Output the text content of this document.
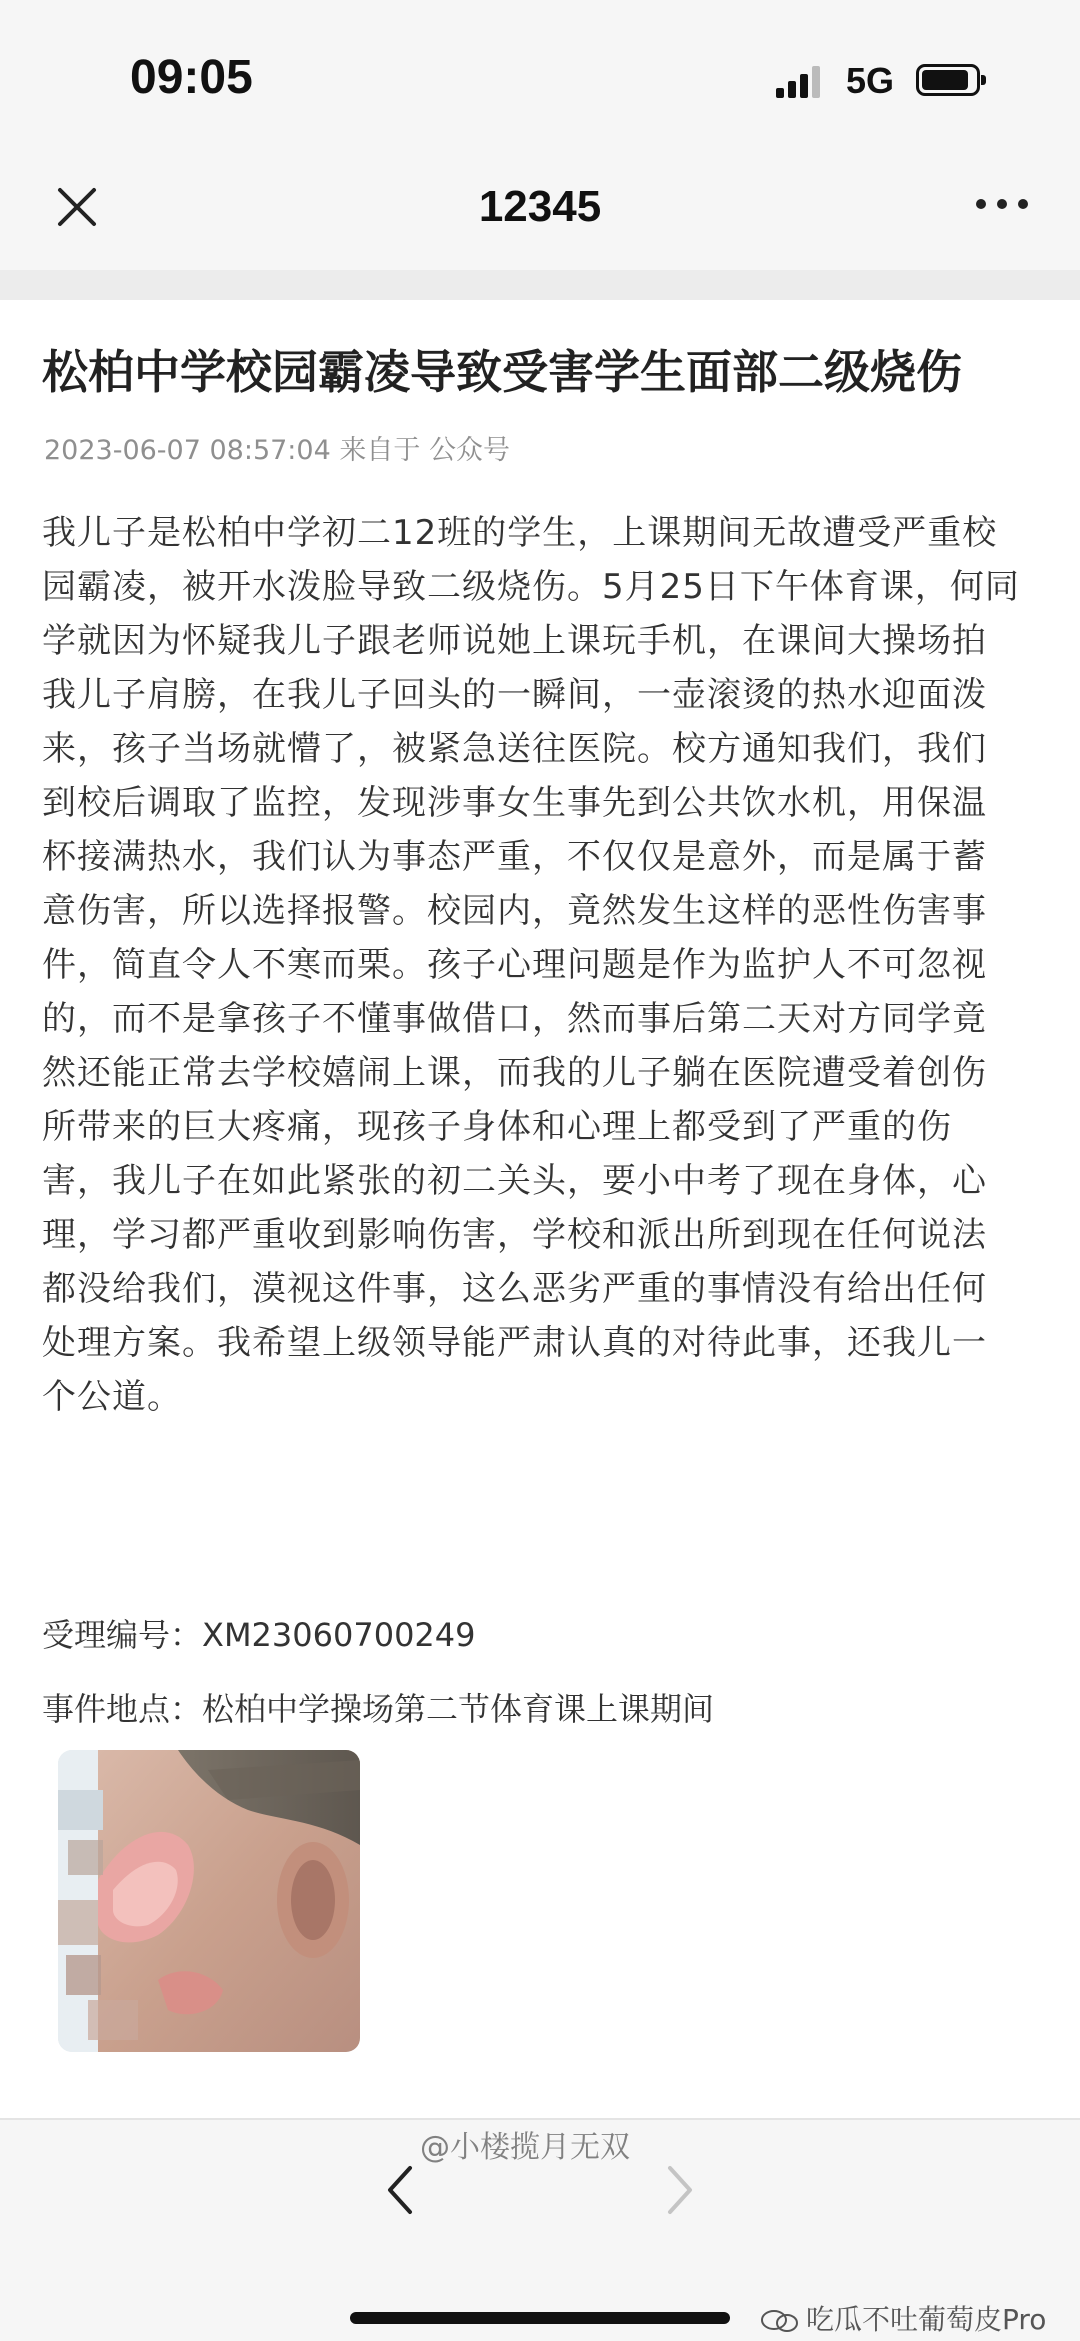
09:05	5G
12345
松柏中学校园霸凌导致受害学生面部二级烧伤
2023-06-07 08:57:04 来自于 公众号
我儿子是松柏中学初二12班的学生，上课期间无故遭受严重校
园霸凌，被开水泼脸导致二级烧伤。5月25日下午体育课，何同
学就因为怀疑我儿子跟老师说她上课玩手机，在课间大操场拍
我儿子肩膀，在我儿子回头的一瞬间，一壶滚烫的热水迎面泼
来，孩子当场就懵了，被紧急送往医院。校方通知我们，我们
到校后调取了监控，发现涉事女生事先到公共饮水机，用保温
杯接满热水，我们认为事态严重，不仅仅是意外，而是属于蓄
意伤害，所以选择报警。校园内，竟然发生这样的恶性伤害事
件，简直令人不寒而栗。孩子心理问题是作为监护人不可忽视
的，而不是拿孩子不懂事做借口，然而事后第二天对方同学竟
然还能正常去学校嬉闹上课，而我的儿子躺在医院遭受着创伤
所带来的巨大疼痛，现孩子身体和心理上都受到了严重的伤
害，我儿子在如此紧张的初二关头，要小中考了现在身体，心
理，学习都严重收到影响伤害，学校和派出所到现在任何说法
都没给我们，漠视这件事，这么恶劣严重的事情没有给出任何
处理方案。我希望上级领导能严肃认真的对待此事，还我儿一
个公道。
受理编号：XM23060700249
事件地点：松柏中学操场第二节体育课上课期间
@小楼揽月无双
吃瓜不吐葡萄皮Pro
